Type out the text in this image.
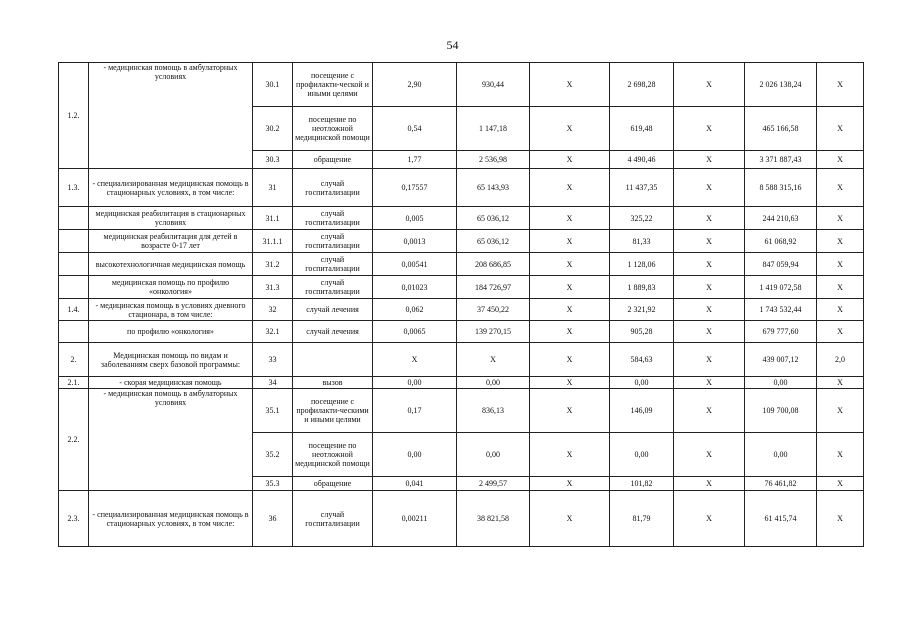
54
1.2.	- медицинская помощь в амбулаторных условиях	30.1	посещение с профилакти-ческой и иными целями	2,90	930,44	X	2 698,28	X	2 026 138,24	X
		30.2	посещение по неотложной медицинской помощи	0,54	1 147,18	X	619,48	X	465 166,58	X
		30.3	обращение	1,77	2 536,98	X	4 490,46	X	3 371 887,43	X
1.3.	- специализированная медицинская помощь в стационарных условиях, в том числе:	31	случай госпитализации	0,17557	65 143,93	X	11 437,35	X	8 588 315,16	X
	медицинская реабилитация в стационарных условиях	31.1	случай госпитализации	0,005	65 036,12	X	325,22	X	244 210,63	X
	медицинская реабилитация для детей в возрасте 0-17 лет	31.1.1	случай госпитализации	0,0013	65 036,12	X	81,33	X	61 068,92	X
	высокотехнологичная медицинская помощь	31.2	случай госпитализации	0,00541	208 686,85	X	1 128,06	X	847 059,94	X
	медицинская помощь по профилю «онкология»	31.3	случай госпитализации	0,01023	184 726,97	X	1 889,83	X	1 419 072,58	X
1.4.	- медицинская помощь в условиях дневного стационара, в том числе:	32	случай лечения	0,062	37 450,22	X	2 321,92	X	1 743 532,44	X
	по профилю «онкология»	32.1	случай лечения	0,0065	139 270,15	X	905,28	X	679 777,60	X
2.	Медицинская помощь по видам и заболеваниям сверх базовой программы:	33		X	X	X	584,63	X	439 007,12	2,0
2.1.	- скорая медицинская помощь	34	вызов	0,00	0,00	X	0,00	X	0,00	X
2.2.	- медицинская помощь в амбулаторных условиях	35.1	посещение с профилакти-ческими и иными целями	0,17	836,13	X	146,09	X	109 700,08	X
		35.2	посещение по неотложной медицинской помощи	0,00	0,00	X	0,00	X	0,00	X
		35.3	обращение	0,041	2 499,57	X	101,82	X	76 461,82	X
2.3.	- специализированная медицинская помощь в стационарных условиях, в том числе:	36	случай госпитализации	0,00211	38 821,58	X	81,79	X	61 415,74	X
